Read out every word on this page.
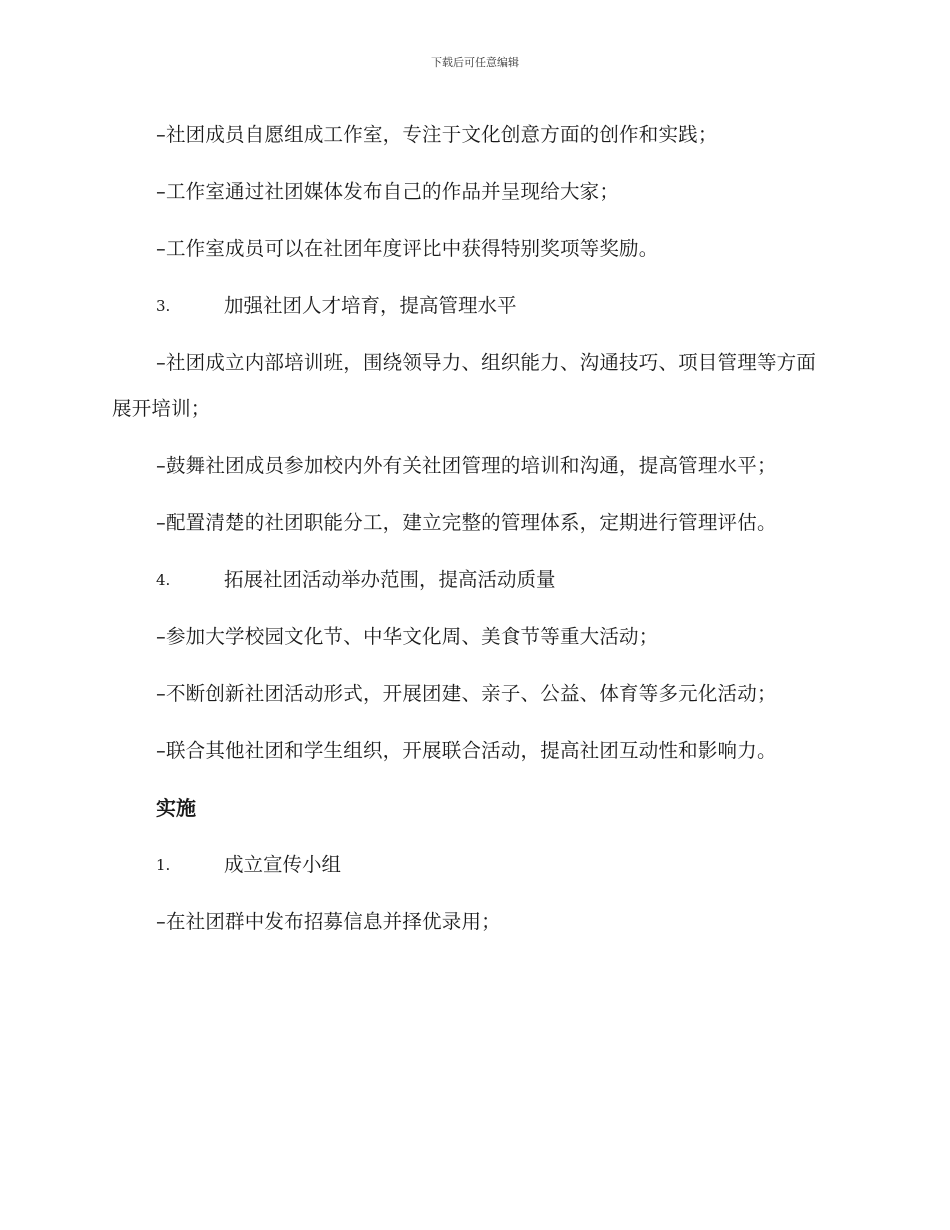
下载后可任意编辑

–社团成员自愿组成工作室，专注于文化创意方面的创作和实践；

–工作室通过社团媒体发布自己的作品并呈现给大家；

–工作室成员可以在社团年度评比中获得特别奖项等奖励。

3.	加强社团人才培育，提高管理水平

–社团成立内部培训班，围绕领导力、组织能力、沟通技巧、项目管理等方面展开培训；

–鼓舞社团成员参加校内外有关社团管理的培训和沟通，提高管理水平；

–配置清楚的社团职能分工，建立完整的管理体系，定期进行管理评估。

4.	拓展社团活动举办范围，提高活动质量

–参加大学校园文化节、中华文化周、美食节等重大活动；

–不断创新社团活动形式，开展团建、亲子、公益、体育等多元化活动；

–联合其他社团和学生组织，开展联合活动，提高社团互动性和影响力。

实施
1.	成立宣传小组

–在社团群中发布招募信息并择优录用；
